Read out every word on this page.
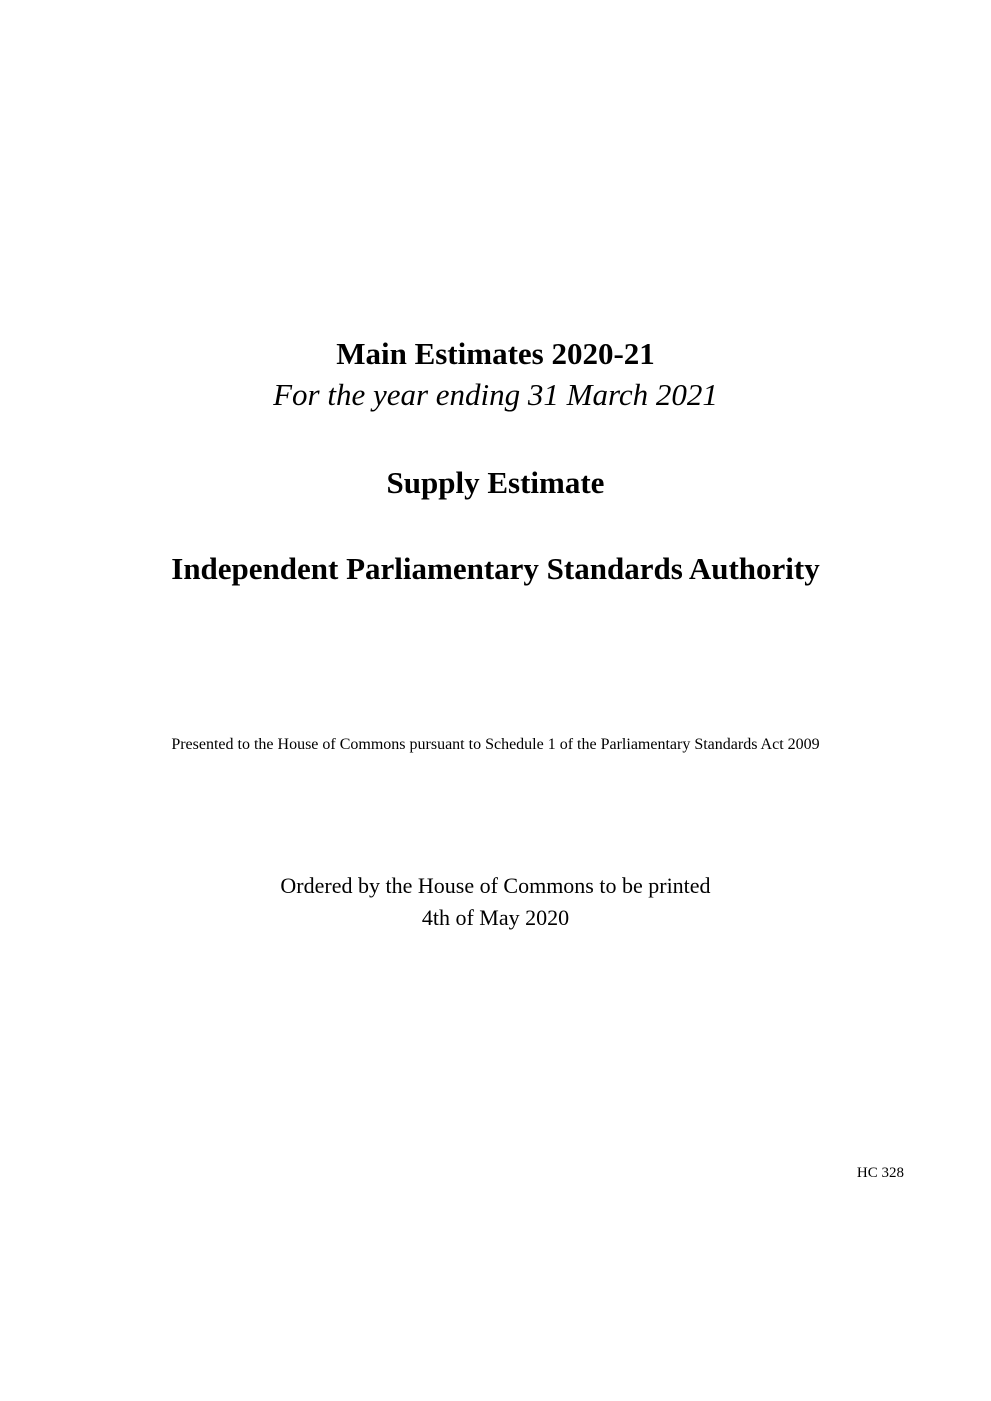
Main Estimates 2020-21
For the year ending 31 March 2021
Supply Estimate
Independent Parliamentary Standards Authority
Presented to the House of Commons pursuant to Schedule 1 of the Parliamentary Standards Act 2009
Ordered by the House of Commons to be printed
4th of May 2020
HC 328
